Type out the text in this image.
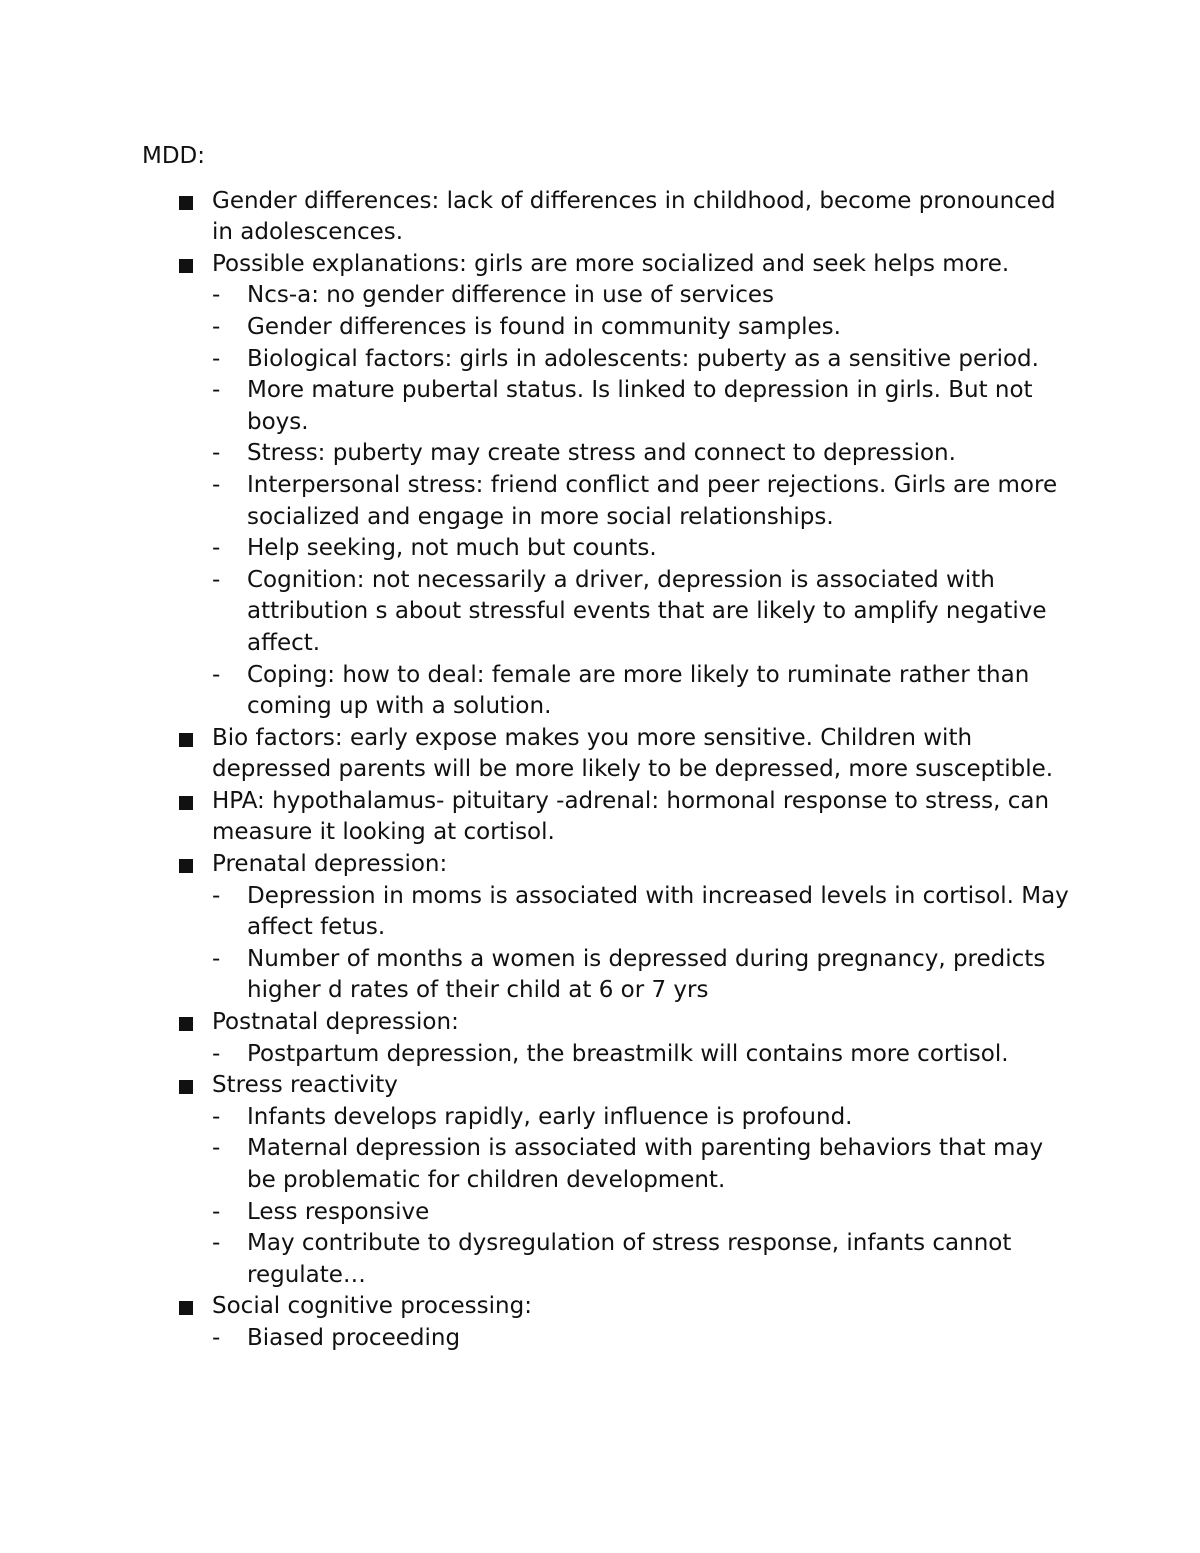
MDD:
Gender differences: lack of differences in childhood, become pronounced in adolescences.
Possible explanations: girls are more socialized and seek helps more.
- Ncs-a: no gender difference in use of services
- Gender differences is found in community samples.
- Biological factors: girls in adolescents: puberty as a sensitive period.
- More mature pubertal status. Is linked to depression in girls. But not boys.
- Stress: puberty may create stress and connect to depression.
- Interpersonal stress: friend conflict and peer rejections. Girls are more socialized and engage in more social relationships.
- Help seeking, not much but counts.
- Cognition: not necessarily a driver, depression is associated with attribution s about stressful events that are likely to amplify negative affect.
- Coping: how to deal: female are more likely to ruminate rather than coming up with a solution.
Bio factors: early expose makes you more sensitive. Children with depressed parents will be more likely to be depressed, more susceptible.
HPA: hypothalamus- pituitary -adrenal: hormonal response to stress, can measure it looking at cortisol.
Prenatal depression:
- Depression in moms is associated with increased levels in cortisol. May affect fetus.
- Number of months a women is depressed during pregnancy, predicts higher d rates of their child at 6 or 7 yrs
Postnatal depression:
- Postpartum depression, the breastmilk will contains more cortisol.
Stress reactivity
- Infants develops rapidly, early influence is profound.
- Maternal depression is associated with parenting behaviors that may be problematic for children development.
- Less responsive
- May contribute to dysregulation of stress response, infants cannot regulate…
Social cognitive processing:
- Biased proceeding
